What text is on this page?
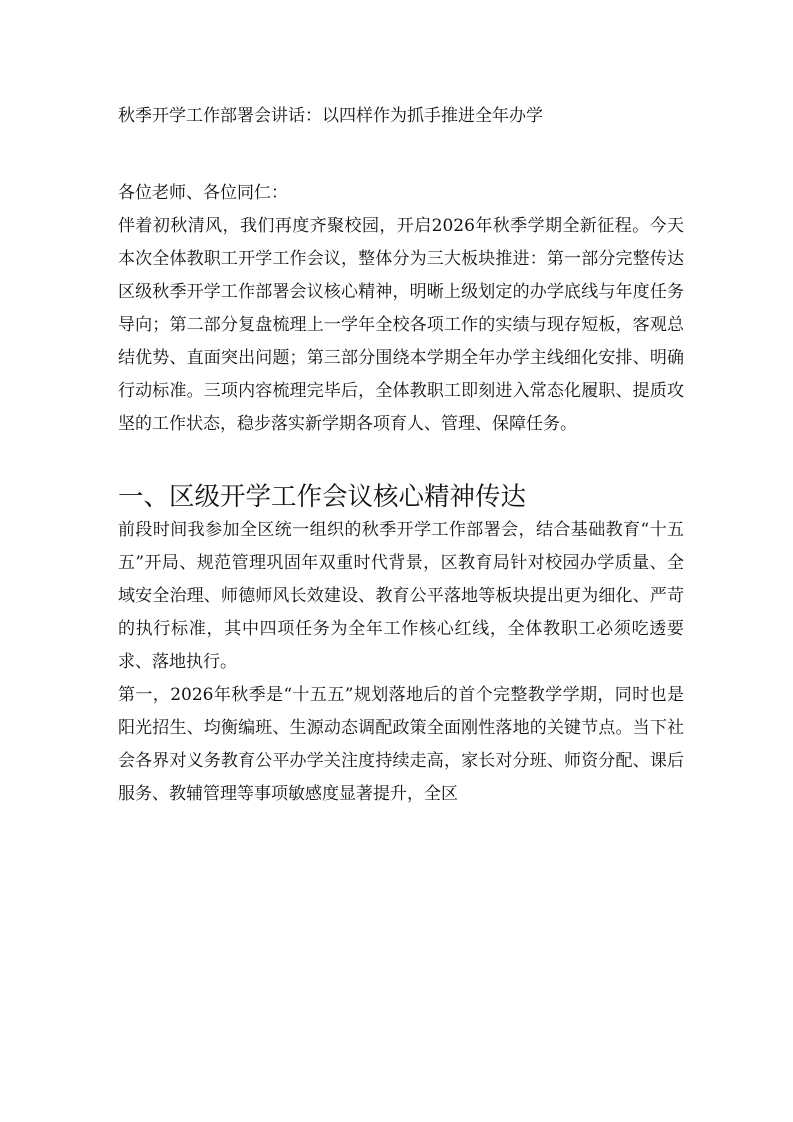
秋季开学工作部署会讲话：以四样作为抓手推进全年办学

各位老师、各位同仁：

伴着初秋清风，我们再度齐聚校园，开启2026年秋季学期全新征程。今天本次全体教职工开学工作会议，整体分为三大板块推进：第一部分完整传达区级秋季开学工作部署会议核心精神，明晰上级划定的办学底线与年度任务导向；第二部分复盘梳理上一学年全校各项工作的实绩与现存短板，客观总结优势、直面突出问题；第三部分围绕本学期全年办学主线细化安排、明确行动标准。三项内容梳理完毕后，全体教职工即刻进入常态化履职、提质攻坚的工作状态，稳步落实新学期各项育人、管理、保障任务。

一、区级开学工作会议核心精神传达

前段时间我参加全区统一组织的秋季开学工作部署会，结合基础教育“十五五”开局、规范管理巩固年双重时代背景，区教育局针对校园办学质量、全域安全治理、师德师风长效建设、教育公平落地等板块提出更为细化、严苛的执行标准，其中四项任务为全年工作核心红线，全体教职工必须吃透要求、落地执行。

第一，2026年秋季是“十五五”规划落地后的首个完整教学学期，同时也是阳光招生、均衡编班、生源动态调配政策全面刚性落地的关键节点。当下社会各界对义务教育公平办学关注度持续走高，家长对分班、师资分配、课后服务、教辅管理等事项敏感度显著提升，全区
